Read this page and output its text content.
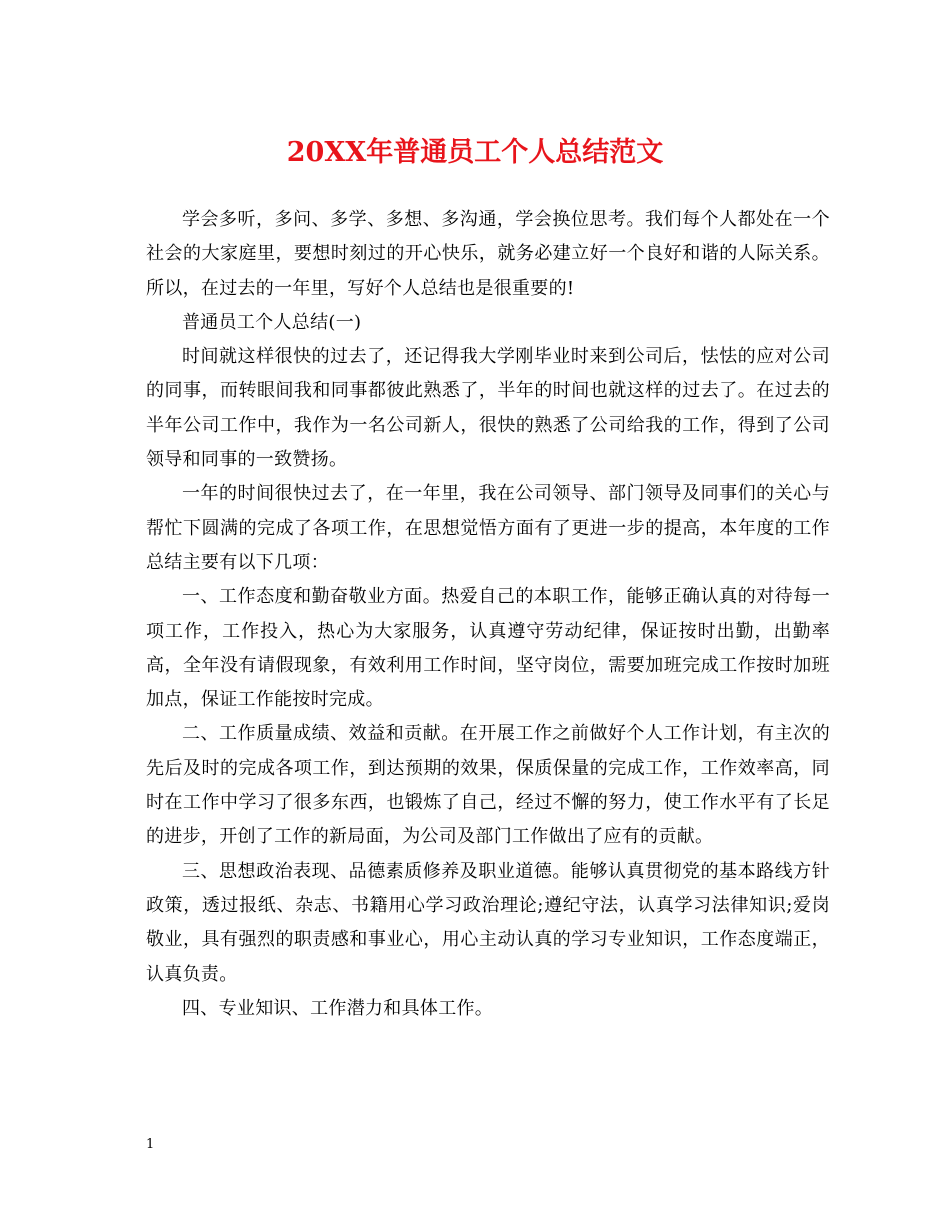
20XX年普通员工个人总结范文

学会多听，多问、多学、多想、多沟通，学会换位思考。我们每个人都处在一个社会的大家庭里，要想时刻过的开心快乐，就务必建立好一个良好和谐的人际关系。所以，在过去的一年里，写好个人总结也是很重要的!

普通员工个人总结(一)

时间就这样很快的过去了，还记得我大学刚毕业时来到公司后，怯怯的应对公司的同事，而转眼间我和同事都彼此熟悉了，半年的时间也就这样的过去了。在过去的半年公司工作中，我作为一名公司新人，很快的熟悉了公司给我的工作，得到了公司领导和同事的一致赞扬。

一年的时间很快过去了，在一年里，我在公司领导、部门领导及同事们的关心与帮忙下圆满的完成了各项工作，在思想觉悟方面有了更进一步的提高，本年度的工作总结主要有以下几项：

一、工作态度和勤奋敬业方面。热爱自己的本职工作，能够正确认真的对待每一项工作，工作投入，热心为大家服务，认真遵守劳动纪律，保证按时出勤，出勤率高，全年没有请假现象，有效利用工作时间，坚守岗位，需要加班完成工作按时加班加点，保证工作能按时完成。

二、工作质量成绩、效益和贡献。在开展工作之前做好个人工作计划，有主次的先后及时的完成各项工作，到达预期的效果，保质保量的完成工作，工作效率高，同时在工作中学习了很多东西，也锻炼了自己，经过不懈的努力，使工作水平有了长足的进步，开创了工作的新局面，为公司及部门工作做出了应有的贡献。

三、思想政治表现、品德素质修养及职业道德。能够认真贯彻党的基本路线方针政策，透过报纸、杂志、书籍用心学习政治理论;遵纪守法，认真学习法律知识;爱岗敬业，具有强烈的职责感和事业心，用心主动认真的学习专业知识，工作态度端正，认真负责。

四、专业知识、工作潜力和具体工作。

1
